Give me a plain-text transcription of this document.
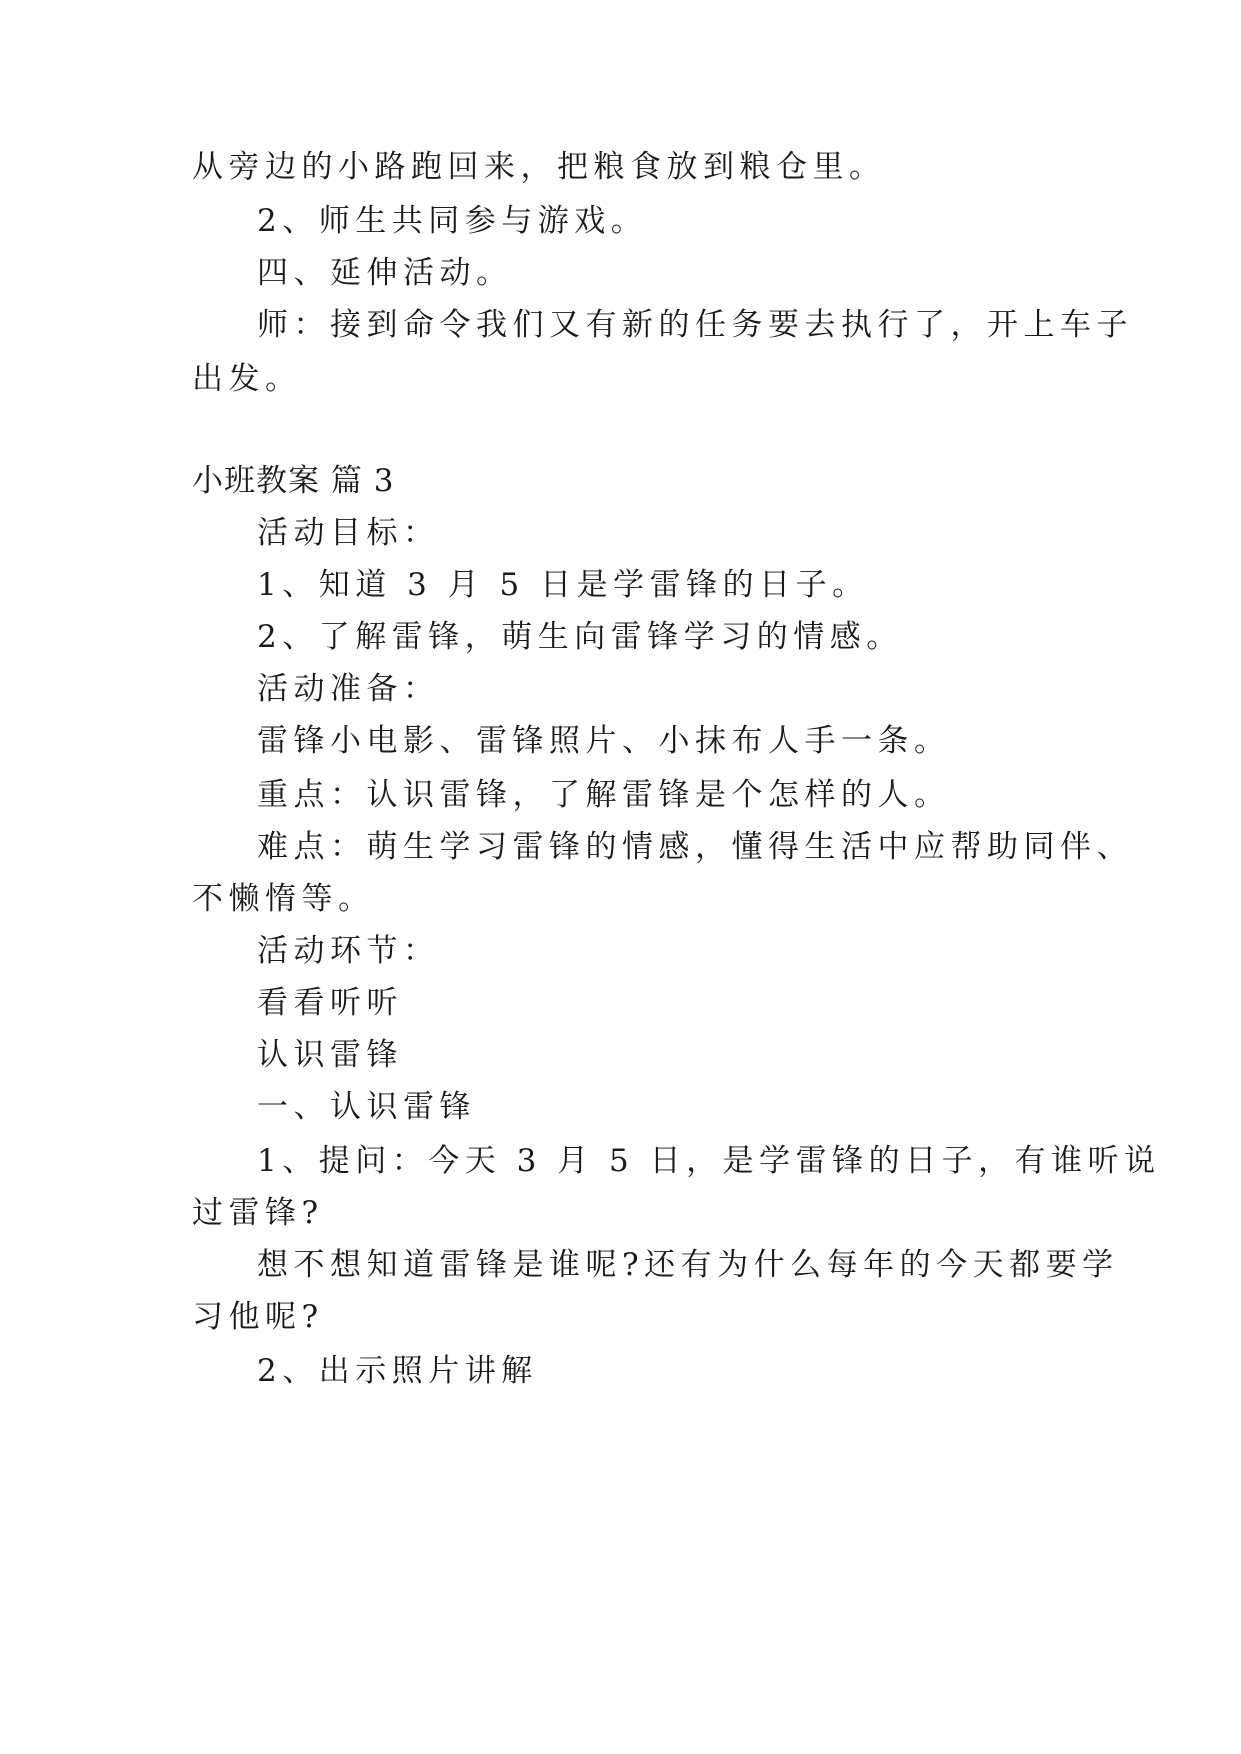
从旁边的小路跑回来，把粮食放到粮仓里。
2、师生共同参与游戏。
四、延伸活动。
师：接到命令我们又有新的任务要去执行了，开上车子
出发。
小班教案 篇 3
活动目标：
1、知道 3 月 5 日是学雷锋的日子。
2、了解雷锋，萌生向雷锋学习的情感。
活动准备：
雷锋小电影、雷锋照片、小抹布人手一条。
重点：认识雷锋，了解雷锋是个怎样的人。
难点：萌生学习雷锋的情感，懂得生活中应帮助同伴、
不懒惰等。
活动环节：
看看听听
认识雷锋
一、认识雷锋
1、提问：今天 3 月 5 日，是学雷锋的日子，有谁听说
过雷锋?
想不想知道雷锋是谁呢?还有为什么每年的今天都要学
习他呢?
2、出示照片讲解
